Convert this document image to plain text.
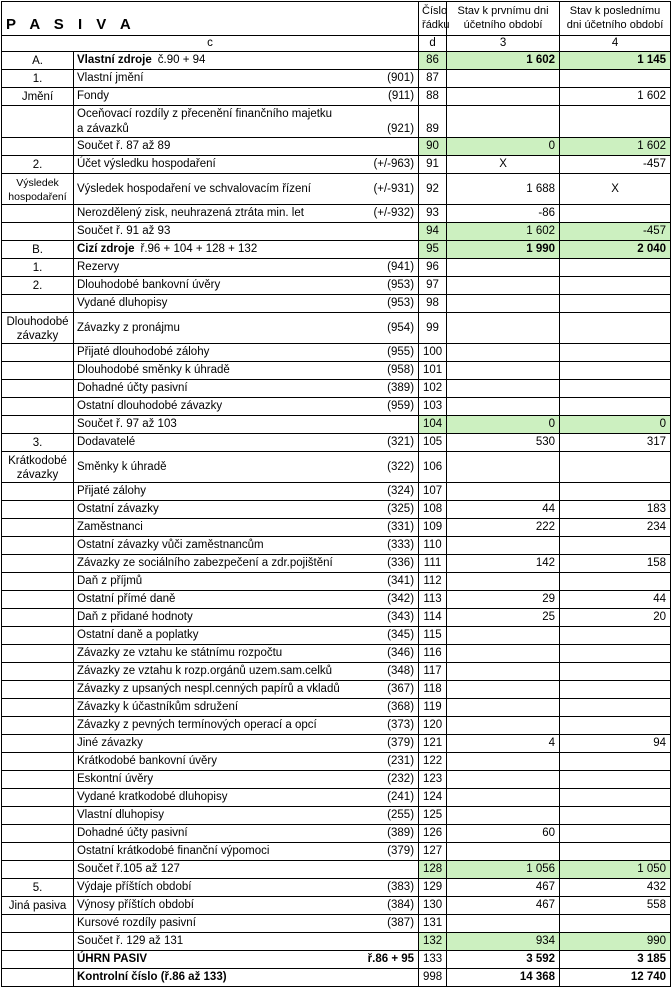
P A S I V A			Číslo řádku	Stav k prvnímu dni účetního období	Stav k poslednímu dni účetního období
c			d	3	4
A.	Vlastní zdroje č.90 + 94		86	1 602	1 145
1.	Vlastní jmění	(901)	87		
Jmění	Fondy	(911)	88		1 602
	Oceňovací rozdíly z přecenění finančního majetku a závazků	(921)	89		
	Součet ř. 87 až 89		90	0	1 602
2.	Účet výsledku hospodaření	(+/-963)	91	X	-457
Výsledek hospodaření	Výsledek hospodaření ve schvalovacím řízení	(+/-931)	92	1 688	X
	Nerozdělený zisk, neuhrazená ztráta min. let	(+/-932)	93	-86	
	Součet ř. 91 až 93		94	1 602	-457
B.	Cizí zdroje ř.96 + 104 + 128 + 132		95	1 990	2 040
1.	Rezervy	(941)	96		
2.	Dlouhodobé bankovní úvěry	(953)	97		
	Vydané dluhopisy	(953)	98		
Dlouhodobé závazky	Závazky z pronájmu	(954)	99		
	Přijaté dlouhodobé zálohy	(955)	100		
	Dlouhodobé směnky k úhradě	(958)	101		
	Dohadné účty pasivní	(389)	102		
	Ostatní dlouhodobé závazky	(959)	103		
	Součet ř. 97 až 103		104	0	0
3.	Dodavatelé	(321)	105	530	317
Krátkodobé závazky	Směnky k úhradě	(322)	106		
	Přijaté zálohy	(324)	107		
	Ostatní závazky	(325)	108	44	183
	Zaměstnanci	(331)	109	222	234
	Ostatní závazky vůči zaměstnancům	(333)	110		
	Závazky ze sociálního zabezpečení a zdr.pojištění	(336)	111	142	158
	Daň z příjmů	(341)	112		
	Ostatní přímé daně	(342)	113	29	44
	Daň z přidané hodnoty	(343)	114	25	20
	Ostatní daně a poplatky	(345)	115		
	Závazky ze vztahu ke státnímu rozpočtu	(346)	116		
	Závazky ze vztahu k rozp.orgánů uzem.sam.celků	(348)	117		
	Závazky z upsaných nespl.cenných papírů a vkladů	(367)	118		
	Závazky k účastníkům sdružení	(368)	119		
	Závazky z pevných termínových operací a opcí	(373)	120		
	Jiné závazky	(379)	121	4	94
	Krátkodobé bankovní úvěry	(231)	122		
	Eskontní úvěry	(232)	123		
	Vydané kratkodobé dluhopisy	(241)	124		
	Vlastní dluhopisy	(255)	125		
	Dohadné účty pasivní	(389)	126	60	
	Ostatní krátkodobé finanční výpomoci	(379)	127		
	Součet ř.105 až 127		128	1 056	1 050
5.	Výdaje příštích období	(383)	129	467	432
Jiná pasiva	Výnosy příštích období	(384)	130	467	558
	Kursové rozdíly pasivní	(387)	131		
	Součet ř. 129 až 131		132	934	990
	ÚHRN PASIV	ř.86 + 95	133	3 592	3 185
	Kontrolní číslo (ř.86 až 133)		998	14 368	12 740
